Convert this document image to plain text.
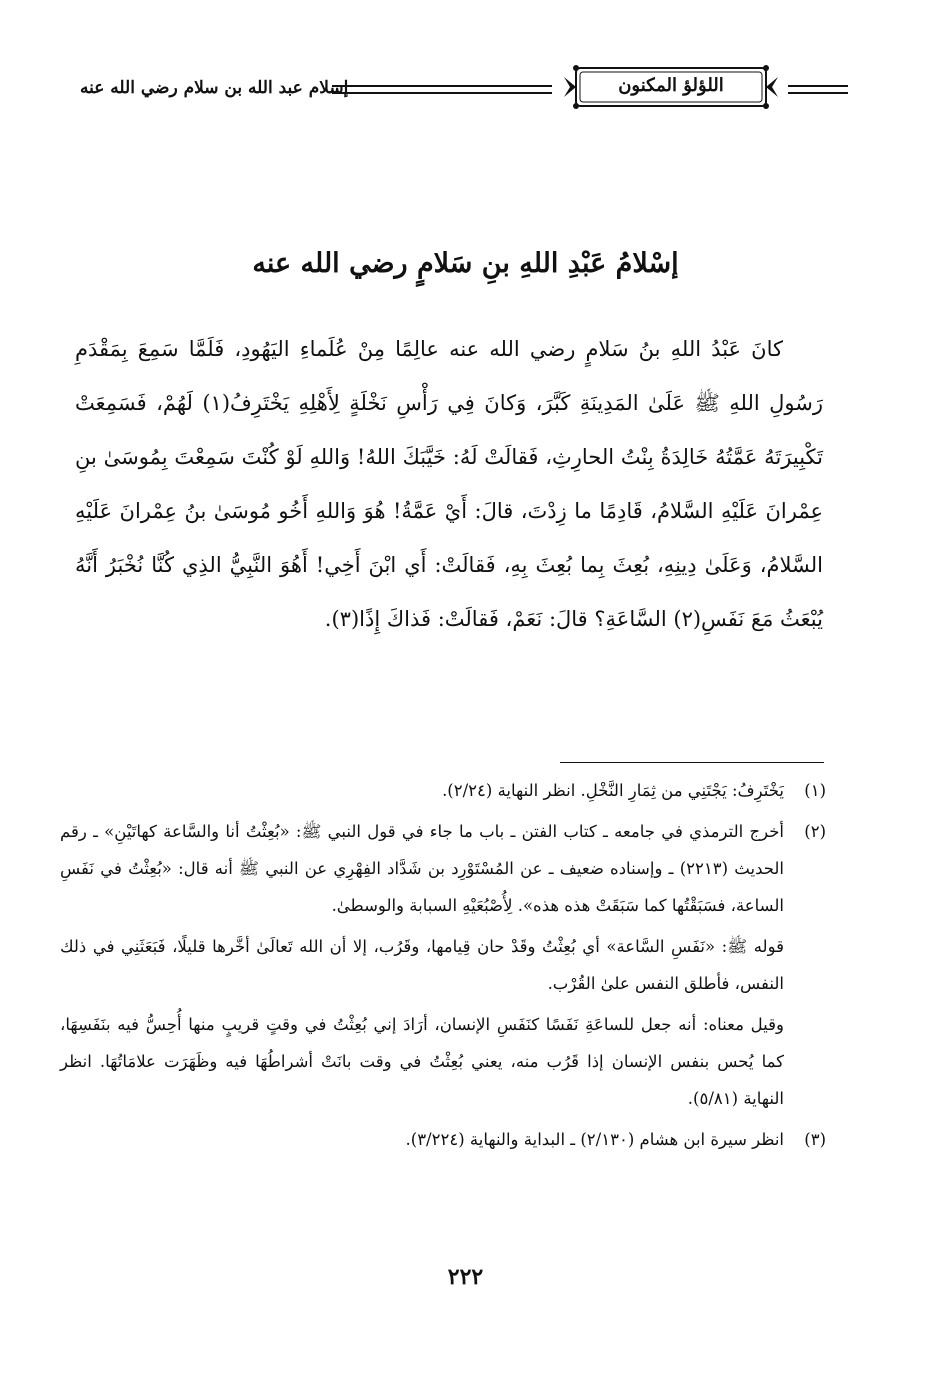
إسلام عبد الله بن سلام رضي الله عنه	اللؤلؤ المكنون
إسْلامُ عَبْدِ اللهِ بنِ سَلامٍ رضي الله عنه
كانَ عَبْدُ اللهِ بنُ سَلامٍ رضي الله عنه عالِمًا مِنْ عُلَماءِ اليَهُودِ، فَلَمَّا سَمِعَ بِمَقْدَمِ رَسُولِ اللهِ ﷺ عَلَىٰ المَدِينَةِ كَبَّرَ، وَكانَ فِي رَأْسِ نَخْلَةٍ لِأَهْلِهِ يَخْتَرِفُ(١) لَهُمْ، فَسَمِعَتْ تَكْبِيرَتَهُ عَمَّتُهُ خَالِدَةُ بِنْتُ الحارِثِ، فَقالَتْ لَهُ: خَيَّبَكَ اللهُ! وَاللهِ لَوْ كُنْتَ سَمِعْتَ بِمُوسَىٰ بنِ عِمْرانَ عَلَيْهِ السَّلامُ، قَادِمًا ما زِدْتَ، قالَ: أَيْ عَمَّةُ! هُوَ وَاللهِ أَخُو مُوسَىٰ بنُ عِمْرانَ عَلَيْهِ السَّلامُ، وَعَلَىٰ دِينِهِ، بُعِثَ بِما بُعِثَ بِهِ، فَقالَتْ: أَي ابْنَ أَخِي! أَهُوَ النَّبِيُّ الذِي كُنَّا نُخْبَرُ أَنَّهُ يُبْعَثُ مَعَ نَفَسِ(٢) السَّاعَةِ؟ قالَ: نَعَمْ، فَقالَتْ: فَذاكَ إِذًا(٣).
(١)
يَخْتَرِفُ: يَجْتَنِي من ثِمَارِ النَّخْلِ. انظر النهاية (٢/٢٤).
(٢)
أخرج الترمذي في جامعه ـ كتاب الفتن ـ باب ما جاء في قول النبي ﷺ: «بُعِثْتُ أنا والسَّاعة كهاتَيْنِ» ـ رقم الحديث (٢٢١٣) ـ وإسناده ضعيف ـ عن المُسْتَوْرِد بن شَدَّاد الفِهْرِي عن النبي ﷺ أنه قال: «بُعِثْتُ في نَفَسِ الساعة، فسَبَقْتُها كما سَبَقَتْ هذه هذه». لِأُصْبُعَيْهِ السبابة والوسطىٰ.
قوله ﷺ: «نَفَسِ السَّاعة» أي بُعِثْتُ وقَدْ حان قِيامها، وقَرُب، إلا أن الله تَعالَىٰ أخَّرها قليلًا، فَبَعَثَنِي في ذلك النفس، فأطلق النفس علىٰ القُرْب.
وقيل معناه: أنه جعل للساعَةِ نَفَسًا كنَفَسِ الإنسان، أرَادَ إني بُعِثْتُ في وقتٍ قريبٍ منها أُحِسُّ فيه بنَفَسِهَا، كما يُحس بنفس الإنسان إذا قَرُب منه، يعني بُعِثْتُ في وقت بانَتْ أشراطُهَا فيه وظَهَرَت علامَاتُهَا. انظر النهاية (٥/٨١).
(٣)
انظر سيرة ابن هشام (٢/١٣٠) ـ البداية والنهاية (٣/٢٢٤).
٢٢٢
